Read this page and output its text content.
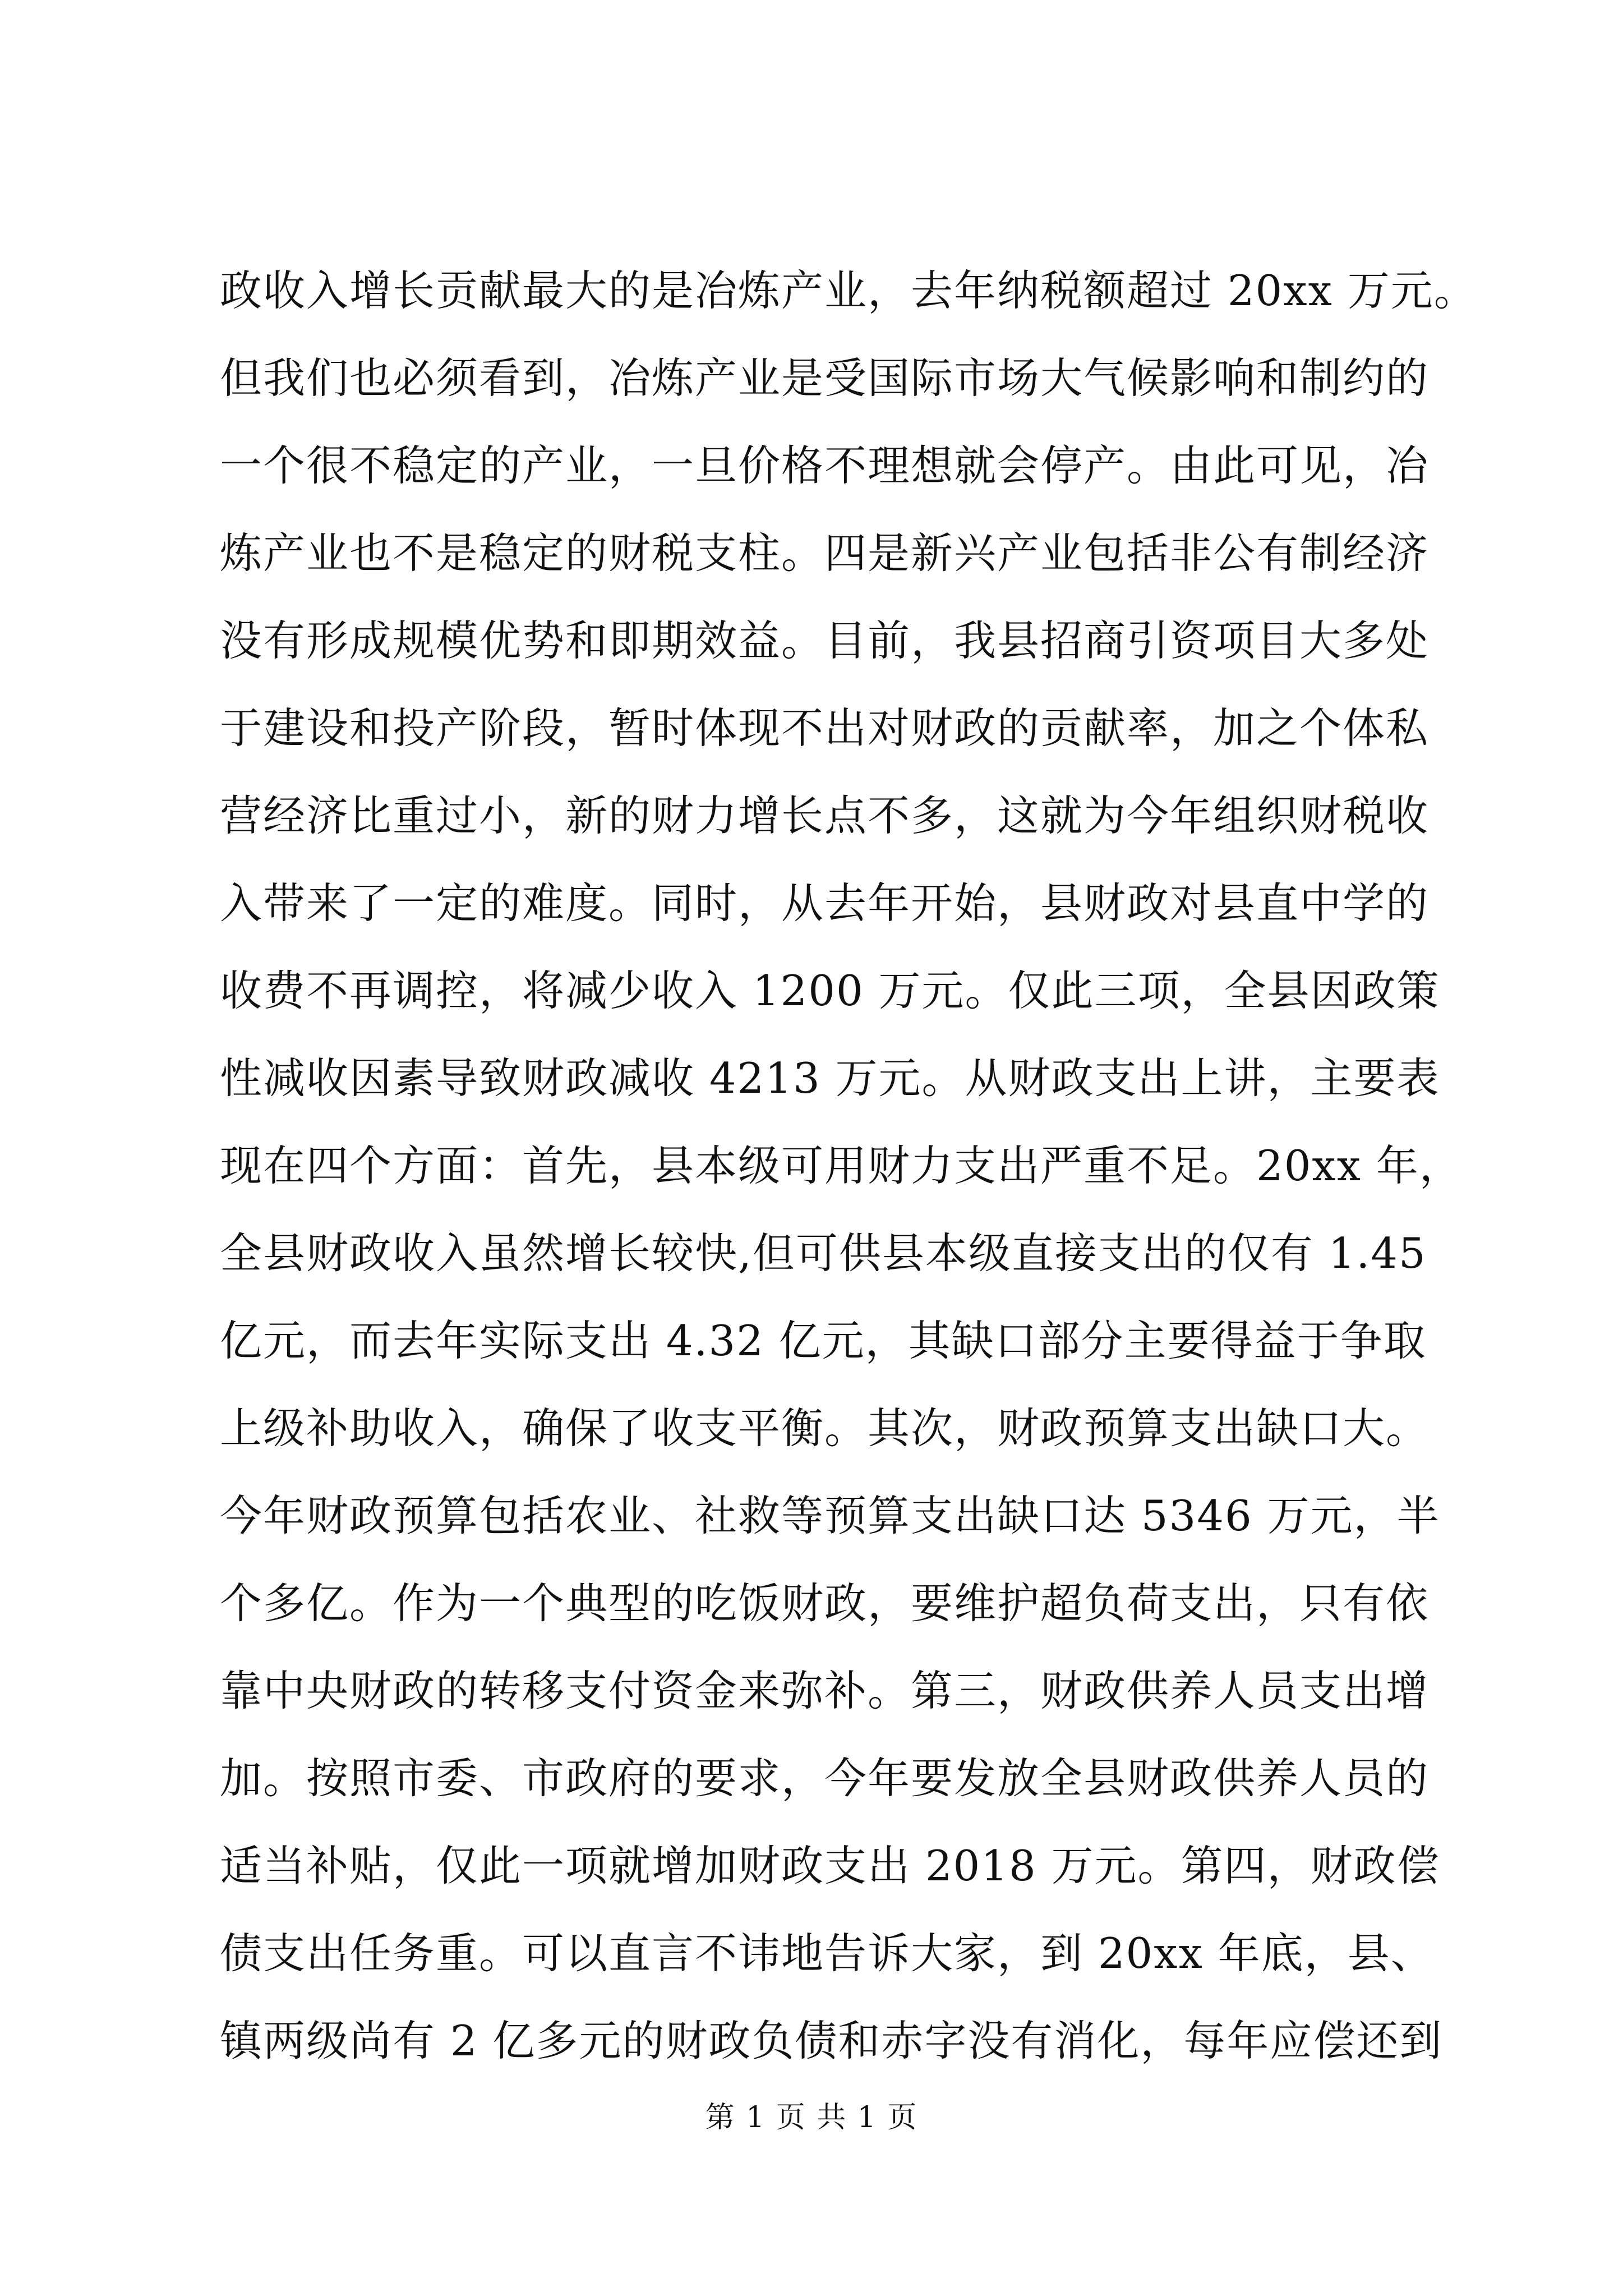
政收入增长贡献最大的是冶炼产业，去年纳税额超过 20xx 万元。
但我们也必须看到，冶炼产业是受国际市场大气候影响和制约的
一个很不稳定的产业，一旦价格不理想就会停产。由此可见，冶
炼产业也不是稳定的财税支柱。四是新兴产业包括非公有制经济
没有形成规模优势和即期效益。目前，我县招商引资项目大多处
于建设和投产阶段，暂时体现不出对财政的贡献率，加之个体私
营经济比重过小，新的财力增长点不多，这就为今年组织财税收
入带来了一定的难度。同时，从去年开始，县财政对县直中学的
收费不再调控，将减少收入 1200 万元。仅此三项，全县因政策
性减收因素导致财政减收 4213 万元。从财政支出上讲，主要表
现在四个方面：首先，县本级可用财力支出严重不足。20xx 年，
全县财政收入虽然增长较快,但可供县本级直接支出的仅有 1.45
亿元，而去年实际支出 4.32 亿元，其缺口部分主要得益于争取
上级补助收入，确保了收支平衡。其次，财政预算支出缺口大。
今年财政预算包括农业、社救等预算支出缺口达 5346 万元，半
个多亿。作为一个典型的吃饭财政，要维护超负荷支出，只有依
靠中央财政的转移支付资金来弥补。第三，财政供养人员支出增
加。按照市委、市政府的要求，今年要发放全县财政供养人员的
适当补贴，仅此一项就增加财政支出 2018 万元。第四，财政偿
债支出任务重。可以直言不讳地告诉大家，到 20xx 年底，县、
镇两级尚有 2 亿多元的财政负债和赤字没有消化，每年应偿还到
第 1 页 共 1 页
